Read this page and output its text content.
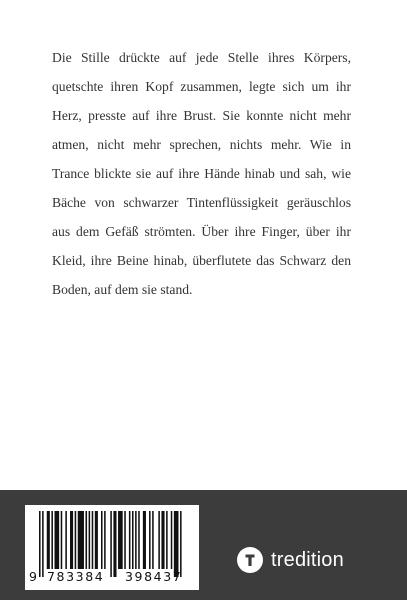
Die Stille drückte auf jede Stelle ihres Körpers, quetschte ihren Kopf zusammen, legte sich um ihr Herz, presste auf ihre Brust. Sie konnte nicht mehr atmen, nicht mehr sprechen, nichts mehr. Wie in Trance blickte sie auf ihre Hände hinab und sah, wie Bäche von schwarzer Tintenflüssigkeit geräuschlos aus dem Gefäß strömten. Über ihre Finger, über ihr Kleid, ihre Beine hinab, überflutete das Schwarz den Boden, auf dem sie stand.

9 783384 398437
tredition
